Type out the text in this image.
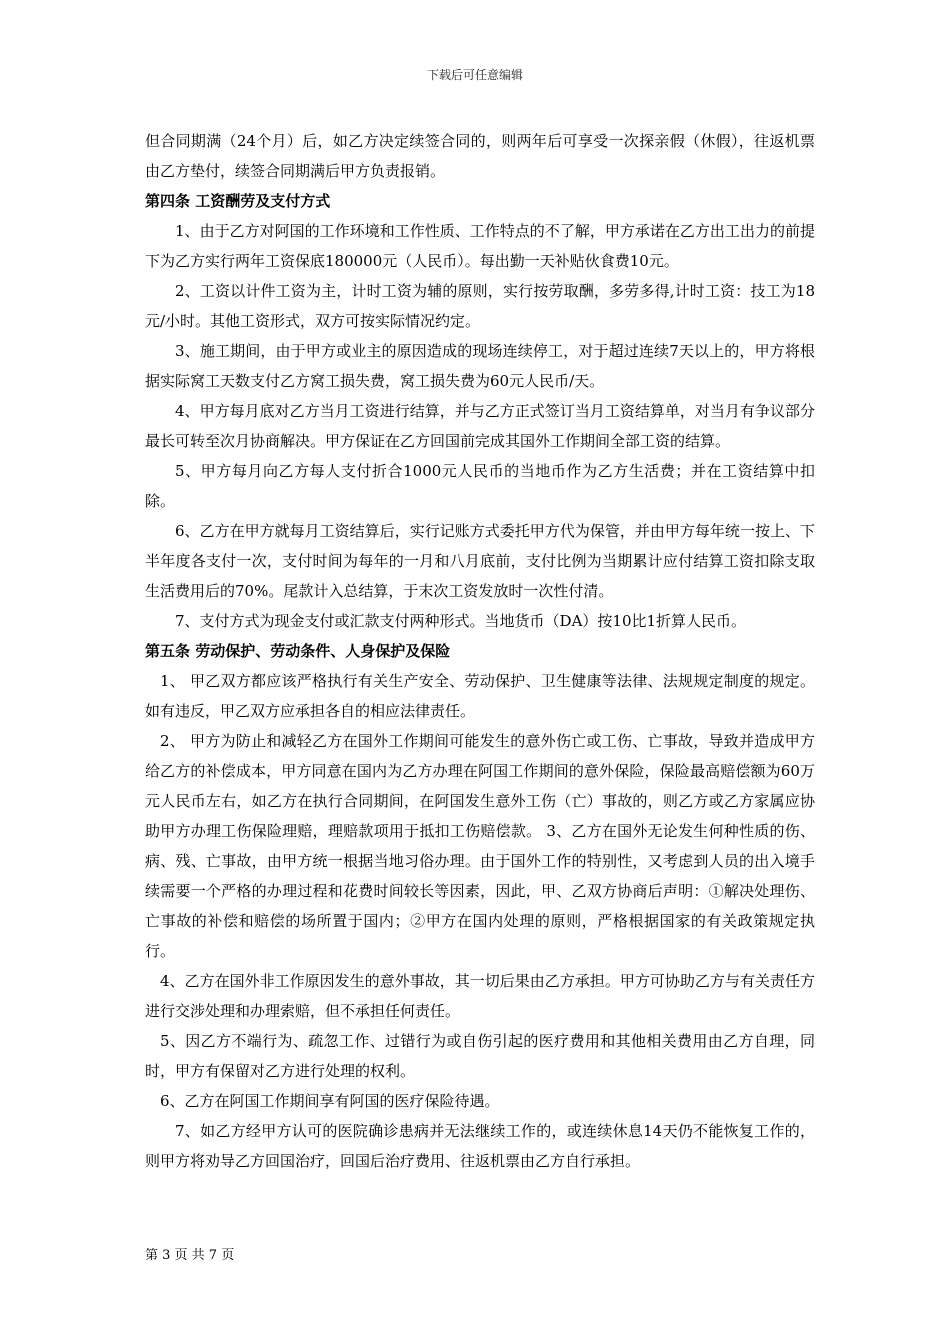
下载后可任意编辑

但合同期满（24个月）后，如乙方决定续签合同的，则两年后可享受一次探亲假（休假），往返机票由乙方垫付，续签合同期满后甲方负责报销。

第四条 工资酬劳及支付方式

1、由于乙方对阿国的工作环境和工作性质、工作特点的不了解，甲方承诺在乙方出工出力的前提下为乙方实行两年工资保底180000元（人民币）。每出勤一天补贴伙食费10元。

2、工资以计件工资为主，计时工资为辅的原则，实行按劳取酬，多劳多得,计时工资：技工为18元/小时。其他工资形式，双方可按实际情况约定。

3、施工期间，由于甲方或业主的原因造成的现场连续停工，对于超过连续7天以上的，甲方将根据实际窝工天数支付乙方窝工损失费，窝工损失费为60元人民币/天。

4、甲方每月底对乙方当月工资进行结算，并与乙方正式签订当月工资结算单，对当月有争议部分最长可转至次月协商解决。甲方保证在乙方回国前完成其国外工作期间全部工资的结算。

5、甲方每月向乙方每人支付折合1000元人民币的当地币作为乙方生活费；并在工资结算中扣除。

6、乙方在甲方就每月工资结算后，实行记账方式委托甲方代为保管，并由甲方每年统一按上、下半年度各支付一次，支付时间为每年的一月和八月底前，支付比例为当期累计应付结算工资扣除支取生活费用后的70%。尾款计入总结算，于末次工资发放时一次性付清。

7、支付方式为现金支付或汇款支付两种形式。当地货币（DA）按10比1折算人民币。

第五条 劳动保护、劳动条件、人身保护及保险

1、 甲乙双方都应该严格执行有关生产安全、劳动保护、卫生健康等法律、法规规定制度的规定。如有违反，甲乙双方应承担各自的相应法律责任。

2、 甲方为防止和减轻乙方在国外工作期间可能发生的意外伤亡或工伤、亡事故，导致并造成甲方给乙方的补偿成本，甲方同意在国内为乙方办理在阿国工作期间的意外保险，保险最高赔偿额为60万元人民币左右，如乙方在执行合同期间，在阿国发生意外工伤（亡）事故的，则乙方或乙方家属应协助甲方办理工伤保险理赔，理赔款项用于抵扣工伤赔偿款。 3、乙方在国外无论发生何种性质的伤、病、残、亡事故，由甲方统一根据当地习俗办理。由于国外工作的特别性，又考虑到人员的出入境手续需要一个严格的办理过程和花费时间较长等因素，因此，甲、乙双方协商后声明：①解决处理伤、亡事故的补偿和赔偿的场所置于国内；②甲方在国内处理的原则，严格根据国家的有关政策规定执行。

4、乙方在国外非工作原因发生的意外事故，其一切后果由乙方承担。甲方可协助乙方与有关责任方进行交涉处理和办理索赔，但不承担任何责任。

5、因乙方不端行为、疏忽工作、过错行为或自伤引起的医疗费用和其他相关费用由乙方自理，同时，甲方有保留对乙方进行处理的权利。

6、乙方在阿国工作期间享有阿国的医疗保险待遇。

7、如乙方经甲方认可的医院确诊患病并无法继续工作的，或连续休息14天仍不能恢复工作的，则甲方将劝导乙方回国治疗，回国后治疗费用、往返机票由乙方自行承担。

第 3 页 共 7 页
